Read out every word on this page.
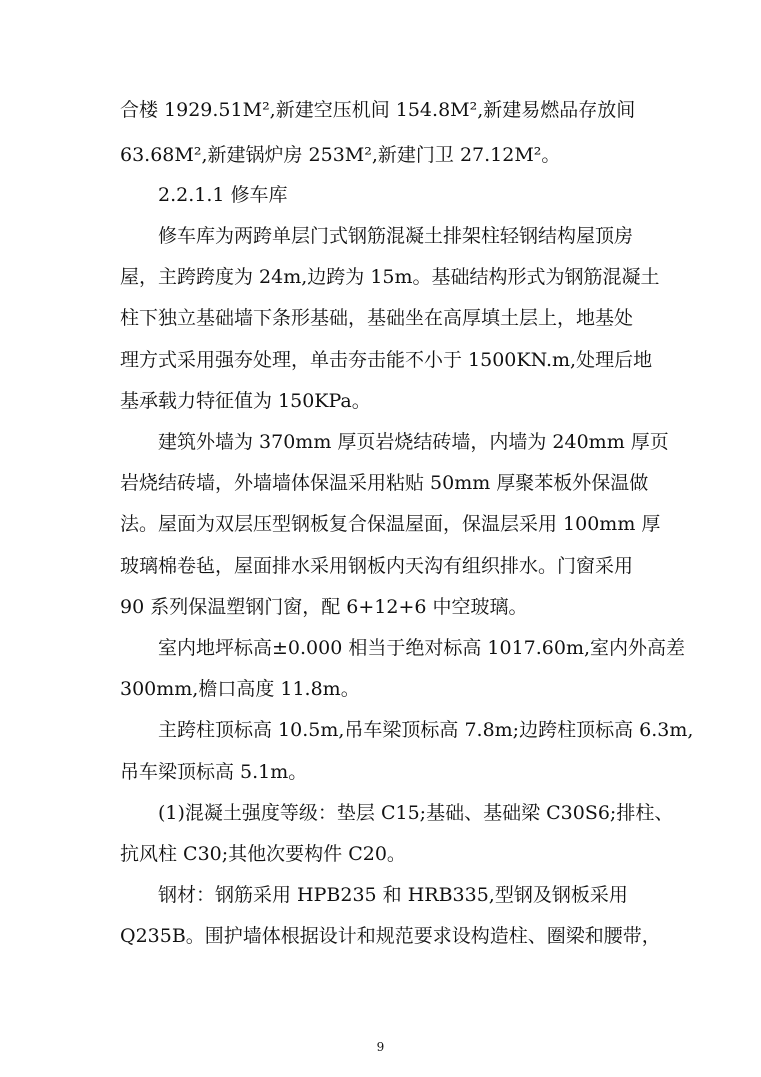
合楼 1929.51M²,新建空压机间 154.8M²,新建易燃品存放间
63.68M²,新建锅炉房 253M²,新建门卫 27.12M²。
2.2.1.1 修车库
修车库为两跨单层门式钢筋混凝土排架柱轻钢结构屋顶房
屋，主跨跨度为 24m,边跨为 15m。基础结构形式为钢筋混凝土
柱下独立基础墙下条形基础，基础坐在高厚填土层上，地基处
理方式采用强夯处理，单击夯击能不小于 1500KN.m,处理后地
基承载力特征值为 150KPa。
建筑外墙为 370mm 厚页岩烧结砖墙，内墙为 240mm 厚页
岩烧结砖墙，外墙墙体保温采用粘贴 50mm 厚聚苯板外保温做
法。屋面为双层压型钢板复合保温屋面，保温层采用 100mm 厚
玻璃棉卷毡，屋面排水采用钢板内天沟有组织排水。门窗采用
90 系列保温塑钢门窗，配 6+12+6 中空玻璃。
室内地坪标高±0.000 相当于绝对标高 1017.60m,室内外高差
300mm,檐口高度 11.8m。
主跨柱顶标高 10.5m,吊车梁顶标高 7.8m;边跨柱顶标高 6.3m,
吊车梁顶标高 5.1m。
(1)混凝土强度等级：垫层 C15;基础、基础梁 C30S6;排柱、
抗风柱 C30;其他次要构件 C20。
钢材：钢筋采用 HPB235 和 HRB335,型钢及钢板采用
Q235B。围护墙体根据设计和规范要求设构造柱、圈梁和腰带，
9
